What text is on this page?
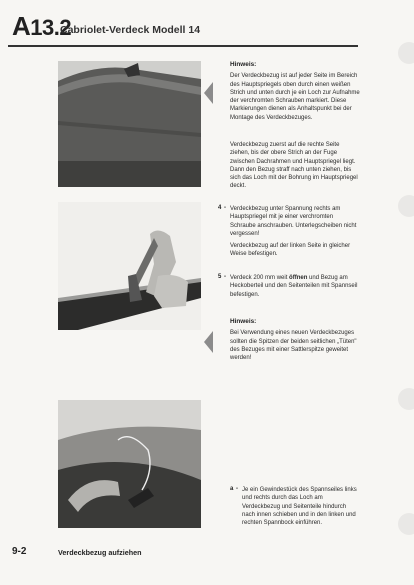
A13.2
Cabriolet-Verdeck Modell 14
Hinweis:
Der Verdeckbezug ist auf jeder Seite im Bereich des Hauptspriegels oben durch einen weißen Strich und unten durch je ein Loch zur Aufnahme der verchromten Schrauben markiert. Diese Markierungen dienen als Anhaltspunkt bei der Montage des Verdeckbezuges.
Verdeckbezug zuerst auf die rechte Seite ziehen, bis der obere Strich an der Fuge zwischen Dachrahmen und Hauptspriegel liegt. Dann den Bezug straff nach unten ziehen, bis sich das Loch mit der Bohrung im Hauptspriegel deckt.
4 - Verdeckbezug unter Spannung rechts am Hauptspriegel mit je einer verchromten Schraube anschrauben. Unterlegscheiben nicht vergessen!
Verdeckbezug auf der linken Seite in gleicher Weise befestigen.
5 - Verdeck 200 mm weit öffnen und Bezug am Heckoberteil und den Seitenteilen mit Spannseil befestigen.
Hinweis:
Bei Verwendung eines neuen Verdeckbezuges sollten die Spitzen der beiden seitlichen „Tüten" des Bezuges mit einer Sattlerspitze geweitet werden!
a - Je ein Gewindestück des Spannseiles links und rechts durch das Loch am Verdeckbezug und Seitenteile hindurch nach innen schieben und in den linken und rechten Spannbock einführen.
9-2	Verdeckbezug aufziehen
